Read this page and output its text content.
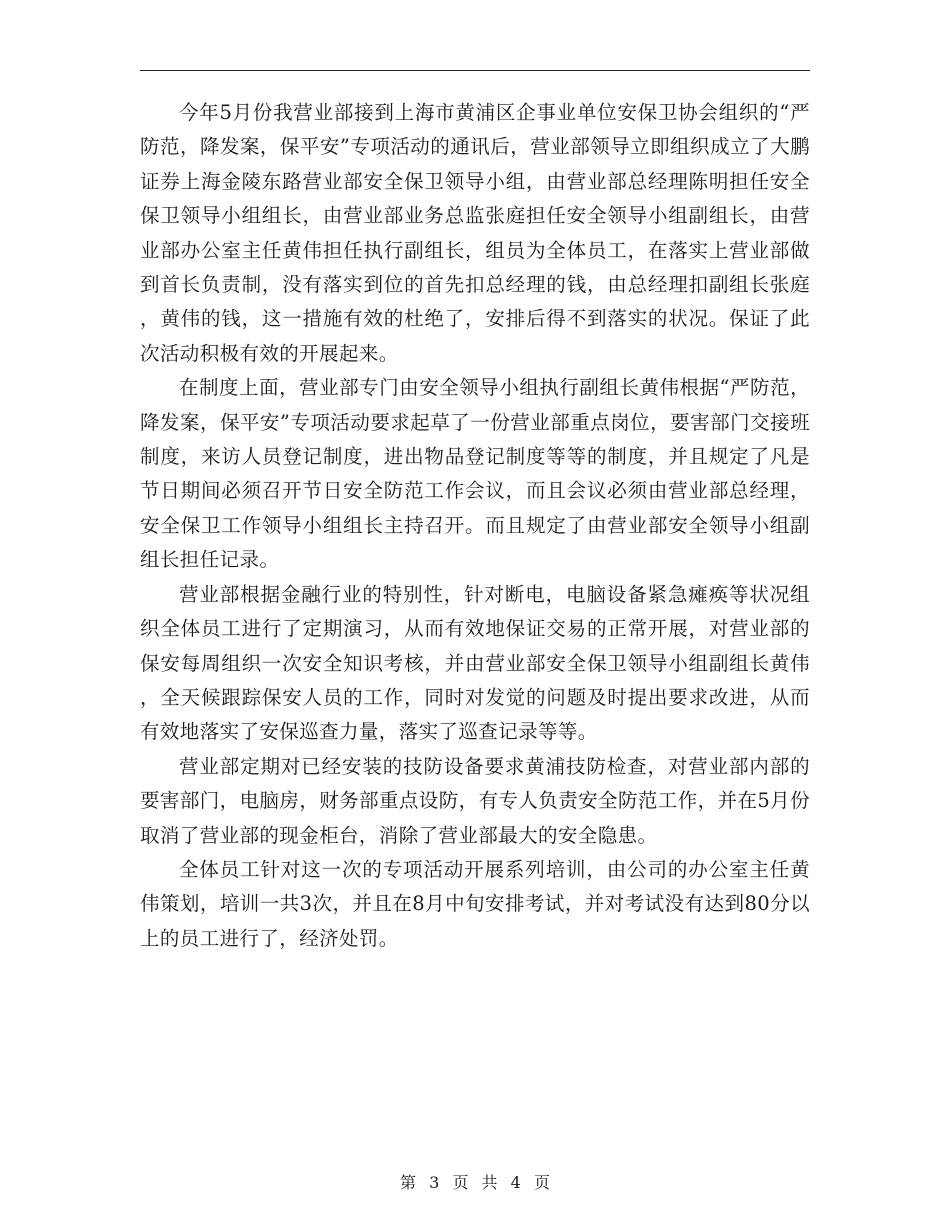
今年5月份我营业部接到上海市黄浦区企事业单位安保卫协会组织的“严防范，降发案，保平安”专项活动的通讯后，营业部领导立即组织成立了大鹏证券上海金陵东路营业部安全保卫领导小组，由营业部总经理陈明担任安全保卫领导小组组长，由营业部业务总监张庭担任安全领导小组副组长，由营业部办公室主任黄伟担任执行副组长，组员为全体员工，在落实上营业部做到首长负责制，没有落实到位的首先扣总经理的钱，由总经理扣副组长张庭，黄伟的钱，这一措施有效的杜绝了，安排后得不到落实的状况。保证了此次活动积极有效的开展起来。

在制度上面，营业部专门由安全领导小组执行副组长黄伟根据“严防范，降发案，保平安”专项活动要求起草了一份营业部重点岗位，要害部门交接班制度，来访人员登记制度，进出物品登记制度等等的制度，并且规定了凡是节日期间必须召开节日安全防范工作会议，而且会议必须由营业部总经理，安全保卫工作领导小组组长主持召开。而且规定了由营业部安全领导小组副组长担任记录。

营业部根据金融行业的特别性，针对断电，电脑设备紧急瘫痪等状况组织全体员工进行了定期演习，从而有效地保证交易的正常开展，对营业部的保安每周组织一次安全知识考核，并由营业部安全保卫领导小组副组长黄伟，全天候跟踪保安人员的工作，同时对发觉的问题及时提出要求改进，从而有效地落实了安保巡查力量，落实了巡查记录等等。

营业部定期对已经安装的技防设备要求黄浦技防检查，对营业部内部的要害部门，电脑房，财务部重点设防，有专人负责安全防范工作，并在5月份取消了营业部的现金柜台，消除了营业部最大的安全隐患。

全体员工针对这一次的专项活动开展系列培训，由公司的办公室主任黄伟策划，培训一共3次，并且在8月中旬安排考试，并对考试没有达到80分以上的员工进行了，经济处罚。

第 3 页 共 4 页
